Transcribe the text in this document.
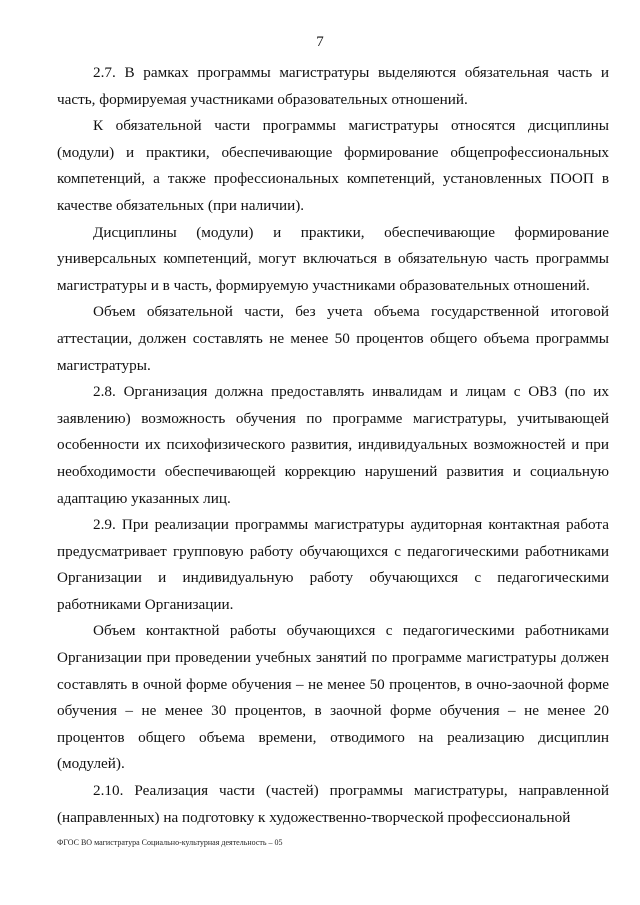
7

2.7. В рамках программы магистратуры выделяются обязательная часть и часть, формируемая участниками образовательных отношений.

К обязательной части программы магистратуры относятся дисциплины (модули) и практики, обеспечивающие формирование общепрофессиональных компетенций, а также профессиональных компетенций, установленных ПООП в качестве обязательных (при наличии).

Дисциплины (модули) и практики, обеспечивающие формирование универсальных компетенций, могут включаться в обязательную часть программы магистратуры и в часть, формируемую участниками образовательных отношений.

Объем обязательной части, без учета объема государственной итоговой аттестации, должен составлять не менее 50 процентов общего объема программы магистратуры.

2.8. Организация должна предоставлять инвалидам и лицам с ОВЗ (по их заявлению) возможность обучения по программе магистратуры, учитывающей особенности их психофизического развития, индивидуальных возможностей и при необходимости обеспечивающей коррекцию нарушений развития и социальную адаптацию указанных лиц.

2.9. При реализации программы магистратуры аудиторная контактная работа предусматривает групповую работу обучающихся с педагогическими работниками Организации и индивидуальную работу обучающихся с педагогическими работниками Организации.

Объем контактной работы обучающихся с педагогическими работниками Организации при проведении учебных занятий по программе магистратуры должен составлять в очной форме обучения – не менее 50 процентов, в очно-заочной форме обучения – не менее 30 процентов, в заочной форме обучения – не менее 20 процентов общего объема времени, отводимого на реализацию дисциплин (модулей).

2.10. Реализация части (частей) программы магистратуры, направленной (направленных) на подготовку к художественно-творческой профессиональной

ФГОС ВО магистратура Социально-культурная деятельность – 05
